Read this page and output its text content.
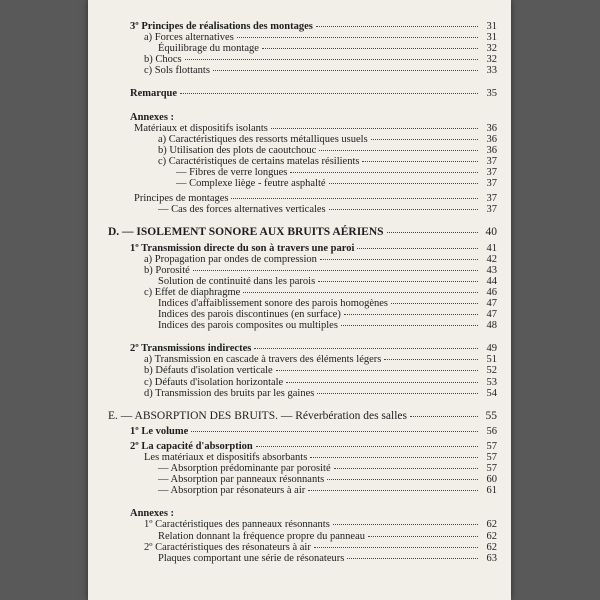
3º Principes de réalisations des montages	31
a) Forces alternatives	31
Équilibrage du montage	32
b) Chocs	32
c) Sols flottants	33
Remarque	35
Annexes :
Matériaux et dispositifs isolants	36
a) Caractéristiques des ressorts métalliques usuels	36
b) Utilisation des plots de caoutchouc	36
c) Caractéristiques de certains matelas résilients	37
— Fibres de verre longues	37
— Complexe liège - feutre asphalté	37
Principes de montages	37
— Cas des forces alternatives verticales	37
D. — ISOLEMENT SONORE AUX BRUITS AÉRIENS	40
1º Transmission directe du son à travers une paroi	41
a) Propagation par ondes de compression	42
b) Porosité	43
Solution de continuité dans les parois	44
c) Effet de diaphragme	46
Indices d'affaiblissement sonore des parois homogènes	47
Indices des parois discontinues (en surface)	47
Indices des parois composites ou multiples	48
2º Transmissions indirectes	49
a) Transmission en cascade à travers des éléments légers	51
b) Défauts d'isolation verticale	52
c) Défauts d'isolation horizontale	53
d) Transmission des bruits par les gaines	54
E. — ABSORPTION DES BRUITS. — Réverbération des salles	55
1º Le volume	56
2º La capacité d'absorption	57
Les matériaux et dispositifs absorbants	57
— Absorption prédominante par porosité	57
— Absorption par panneaux résonnants	60
— Absorption par résonateurs à air	61
Annexes :
1º Caractéristiques des panneaux résonnants	62
Relation donnant la fréquence propre du panneau	62
2º Caractéristiques des résonateurs à air	62
Plaques comportant une série de résonateurs	63
